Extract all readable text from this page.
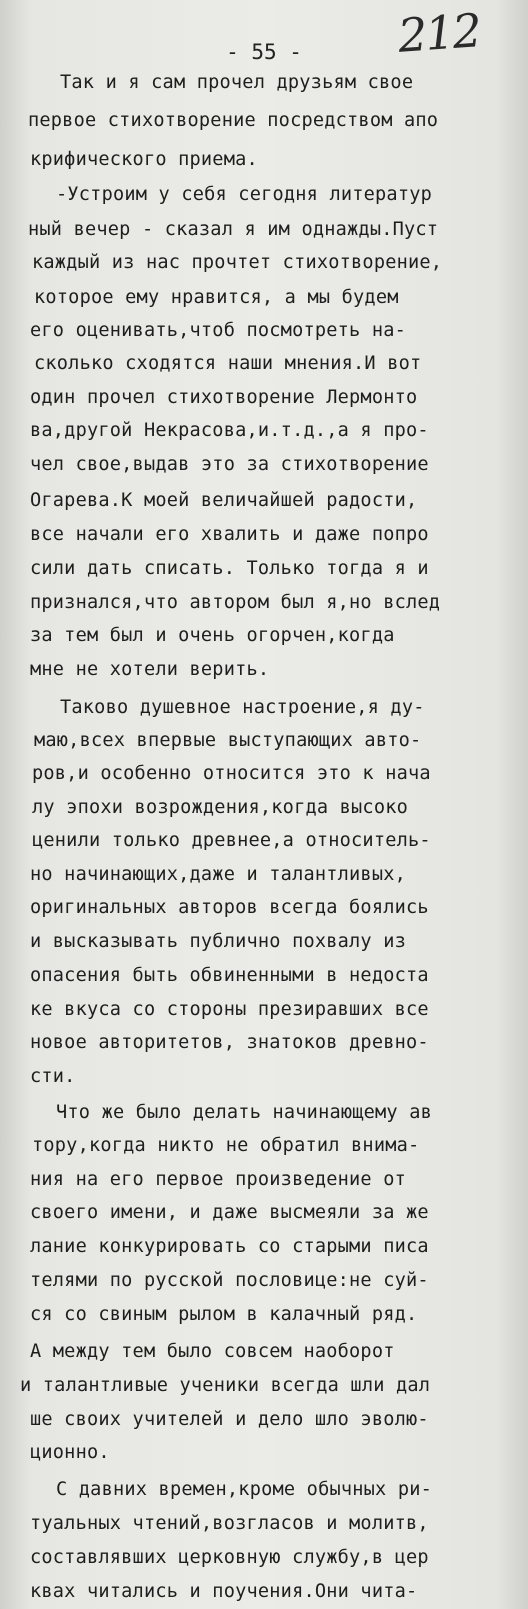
212
- 55 -
Так и я сам прочел друзьям свое
первое стихотворение посредством апо
крифического приема.
-Устроим у себя сегодня литератур
ный вечер - сказал я им однажды.Пуст
каждый из нас прочтет стихотворение,
которое ему нравится, а мы будем
его оценивать,чтоб посмотреть на-
сколько сходятся наши мнения.И вот
один прочел стихотворение Лермонто
ва,другой Некрасова,и.т.д.,а я про-
чел свое,выдав это за стихотворение
Огарева.К моей величайшей радости,
все начали его хвалить и даже попро
сили дать списать. Только тогда я и
признался,что автором был я,но вслед
за тем был и очень огорчен,когда
мне не хотели верить.
Таково душевное настроение,я ду-
маю,всех впервые выступающих авто-
ров,и особенно относится это к нача
лу эпохи возрождения,когда высоко
ценили только древнее,а относитель-
но начинающих,даже и талантливых,
оригинальных авторов всегда боялись
и высказывать публично похвалу из
опасения быть обвиненными в недоста
ке вкуса со стороны презиравших все
новое авторитетов, знатоков древно-
сти.
Что же было делать начинающему ав
тору,когда никто не обратил внима-
ния на его первое произведение от
своего имени, и даже высмеяли за же
лание конкурировать со старыми писа
телями по русской пословице:не суй-
ся со свиным рылом в калачный ряд.
А между тем было совсем наоборот
и талантливые ученики всегда шли дал
ше своих учителей и дело шло эволю-
ционно.
С давних времен,кроме обычных ри-
туальных чтений,возгласов и молитв,
составлявших церковную службу,в цер
квах читались и поучения.Они чита-
